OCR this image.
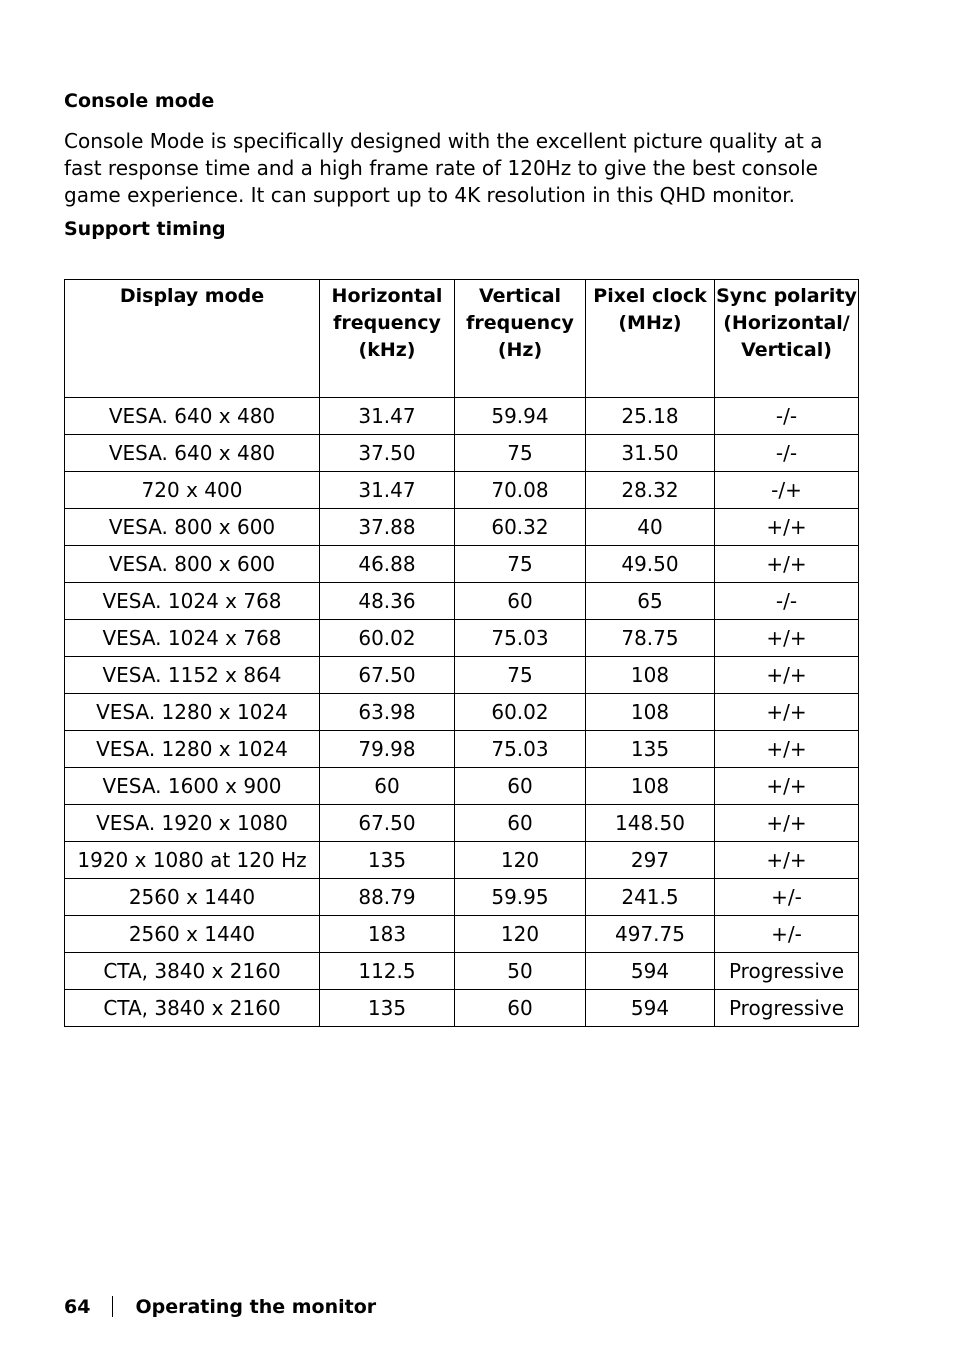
Console mode

Console Mode is specifically designed with the excellent picture quality at a fast response time and a high frame rate of 120Hz to give the best console game experience. It can support up to 4K resolution in this QHD monitor.

Support timing
Display mode	Horizontal frequency (kHz)	Vertical frequency (Hz)	Pixel clock (MHz)	Sync polarity (Horizontal/ Vertical)
VESA. 640 x 480	31.47	59.94	25.18	-/-
VESA. 640 x 480	37.50	75	31.50	-/-
720 x 400	31.47	70.08	28.32	-/+
VESA. 800 x 600	37.88	60.32	40	+/+
VESA. 800 x 600	46.88	75	49.50	+/+
VESA. 1024 x 768	48.36	60	65	-/-
VESA. 1024 x 768	60.02	75.03	78.75	+/+
VESA. 1152 x 864	67.50	75	108	+/+
VESA. 1280 x 1024	63.98	60.02	108	+/+
VESA. 1280 x 1024	79.98	75.03	135	+/+
VESA. 1600 x 900	60	60	108	+/+
VESA. 1920 x 1080	67.50	60	148.50	+/+
1920 x 1080 at 120 Hz	135	120	297	+/+
2560 x 1440	88.79	59.95	241.5	+/-
2560 x 1440	183	120	497.75	+/-
CTA, 3840 x 2160	112.5	50	594	Progressive
CTA, 3840 x 2160	135	60	594	Progressive
64 Operating the monitor
